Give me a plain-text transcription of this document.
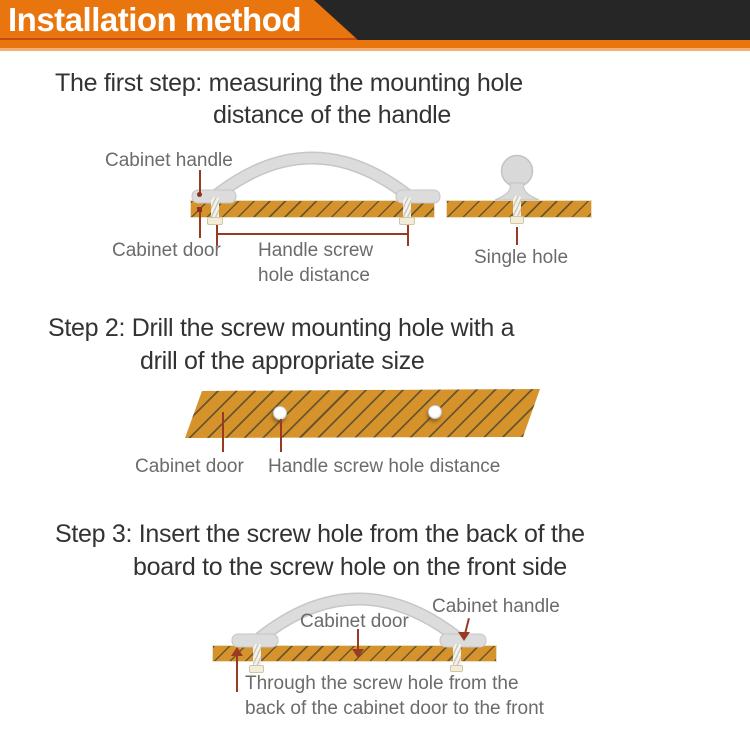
Installation method
The first step: measuring the mounting hole
distance of the handle
Cabinet handle
Cabinet door Handle screw
hole distance
Single hole
Step 2: Drill the screw mounting hole with a
drill of the appropriate size
Cabinet door Handle screw hole distance
Step 3: Insert the screw hole from the back of the
board to the screw hole on the front side
Cabinet door
Cabinet handle
Through the screw hole from the
back of the cabinet door to the front
